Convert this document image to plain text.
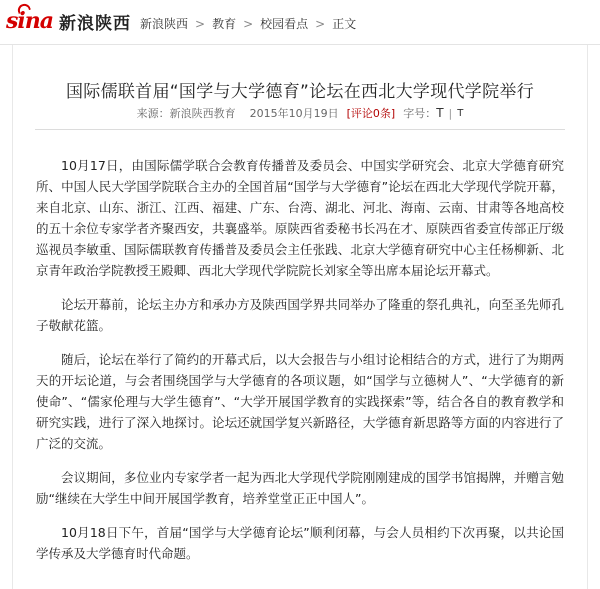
sina 新浪陕西 新浪陕西 > 教育 > 校园看点 > 正文
国际儒联首届“国学与大学德育”论坛在西北大学现代学院举行
来源： 新浪陕西教育 2015年10月19日 [评论0条] 字号： T | T

10月17日，由国际儒学联合会教育传播普及委员会、中国实学研究会、北京大学德育研究所、中国人民大学国学院联合主办的全国首届“国学与大学德育”论坛在西北大学现代学院开幕，来自北京、山东、浙江、江西、福建、广东、台湾、湖北、河北、海南、云南、甘肃等各地高校的五十余位专家学者齐聚西安，共襄盛举。原陕西省委秘书长冯在才、原陕西省委宣传部正厅级巡视员李敏重、国际儒联教育传播普及委员会主任张践、北京大学德育研究中心主任杨柳新、北京青年政治学院教授王殿卿、西北大学现代学院院长刘家全等出席本届论坛开幕式。

论坛开幕前，论坛主办方和承办方及陕西国学界共同举办了隆重的祭孔典礼，向至圣先师孔子敬献花篮。

随后，论坛在举行了简约的开幕式后，以大会报告与小组讨论相结合的方式，进行了为期两天的开坛论道，与会者围绕国学与大学德育的各项议题，如“国学与立德树人”、“大学德育的新使命”、“儒家伦理与大学生德育”、“大学开展国学教育的实践探索”等，结合各自的教育教学和研究实践，进行了深入地探讨。论坛还就国学复兴新路径，大学德育新思路等方面的内容进行了广泛的交流。

会议期间，多位业内专家学者一起为西北大学现代学院刚刚建成的国学书馆揭牌，并赠言勉励“继续在大学生中间开展国学教育，培养堂堂正正中国人”。

10月18日下午，首届“国学与大学德育论坛”顺利闭幕，与会人员相约下次再聚，以共论国学传承及大学德育时代命题。
